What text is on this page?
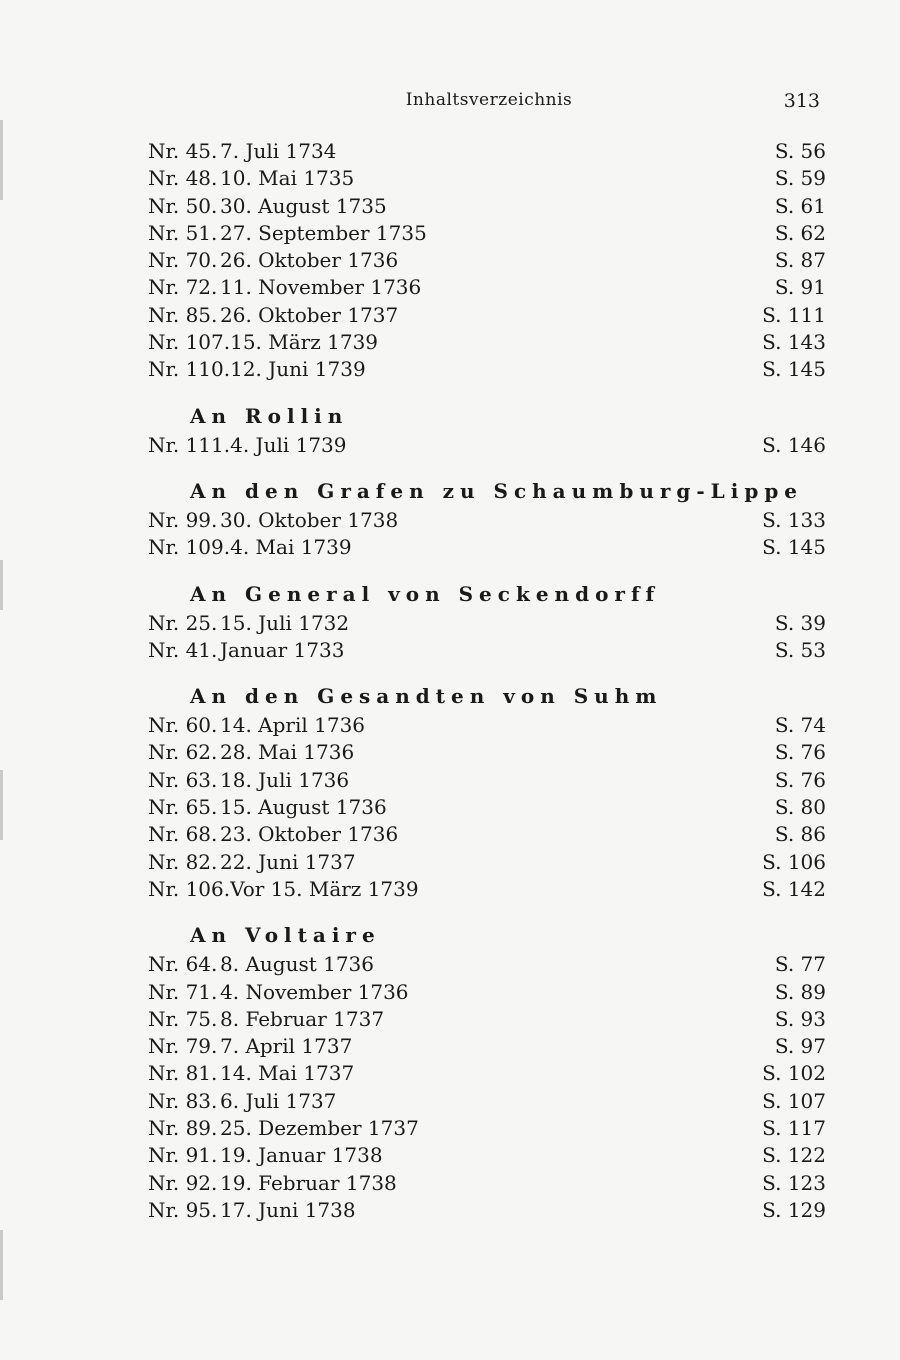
Inhaltsverzeichnis	313
Nr. 45. 7. Juli 1734	S. 56
Nr. 48. 10. Mai 1735	S. 59
Nr. 50. 30. August 1735	S. 61
Nr. 51. 27. September 1735	S. 62
Nr. 70. 26. Oktober 1736	S. 87
Nr. 72. 11. November 1736	S. 91
Nr. 85. 26. Oktober 1737	S. 111
Nr. 107.15. März 1739	S. 143
Nr. 110.12. Juni 1739	S. 145
An Rollin
Nr. 111.4. Juli 1739	S. 146
An den Grafen zu Schaumburg-Lippe
Nr. 99. 30. Oktober 1738	S. 133
Nr. 109.4. Mai 1739	S. 145
An General von Seckendorff
Nr. 25. 15. Juli 1732	S. 39
Nr. 41. Januar 1733	S. 53
An den Gesandten von Suhm
Nr. 60. 14. April 1736	S. 74
Nr. 62. 28. Mai 1736	S. 76
Nr. 63. 18. Juli 1736	S. 76
Nr. 65. 15. August 1736	S. 80
Nr. 68. 23. Oktober 1736	S. 86
Nr. 82. 22. Juni 1737	S. 106
Nr. 106.Vor 15. März 1739	S. 142
An Voltaire
Nr. 64. 8. August 1736	S. 77
Nr. 71. 4. November 1736	S. 89
Nr. 75. 8. Februar 1737	S. 93
Nr. 79. 7. April 1737	S. 97
Nr. 81. 14. Mai 1737	S. 102
Nr. 83. 6. Juli 1737	S. 107
Nr. 89. 25. Dezember 1737	S. 117
Nr. 91. 19. Januar 1738	S. 122
Nr. 92. 19. Februar 1738	S. 123
Nr. 95. 17. Juni 1738	S. 129
